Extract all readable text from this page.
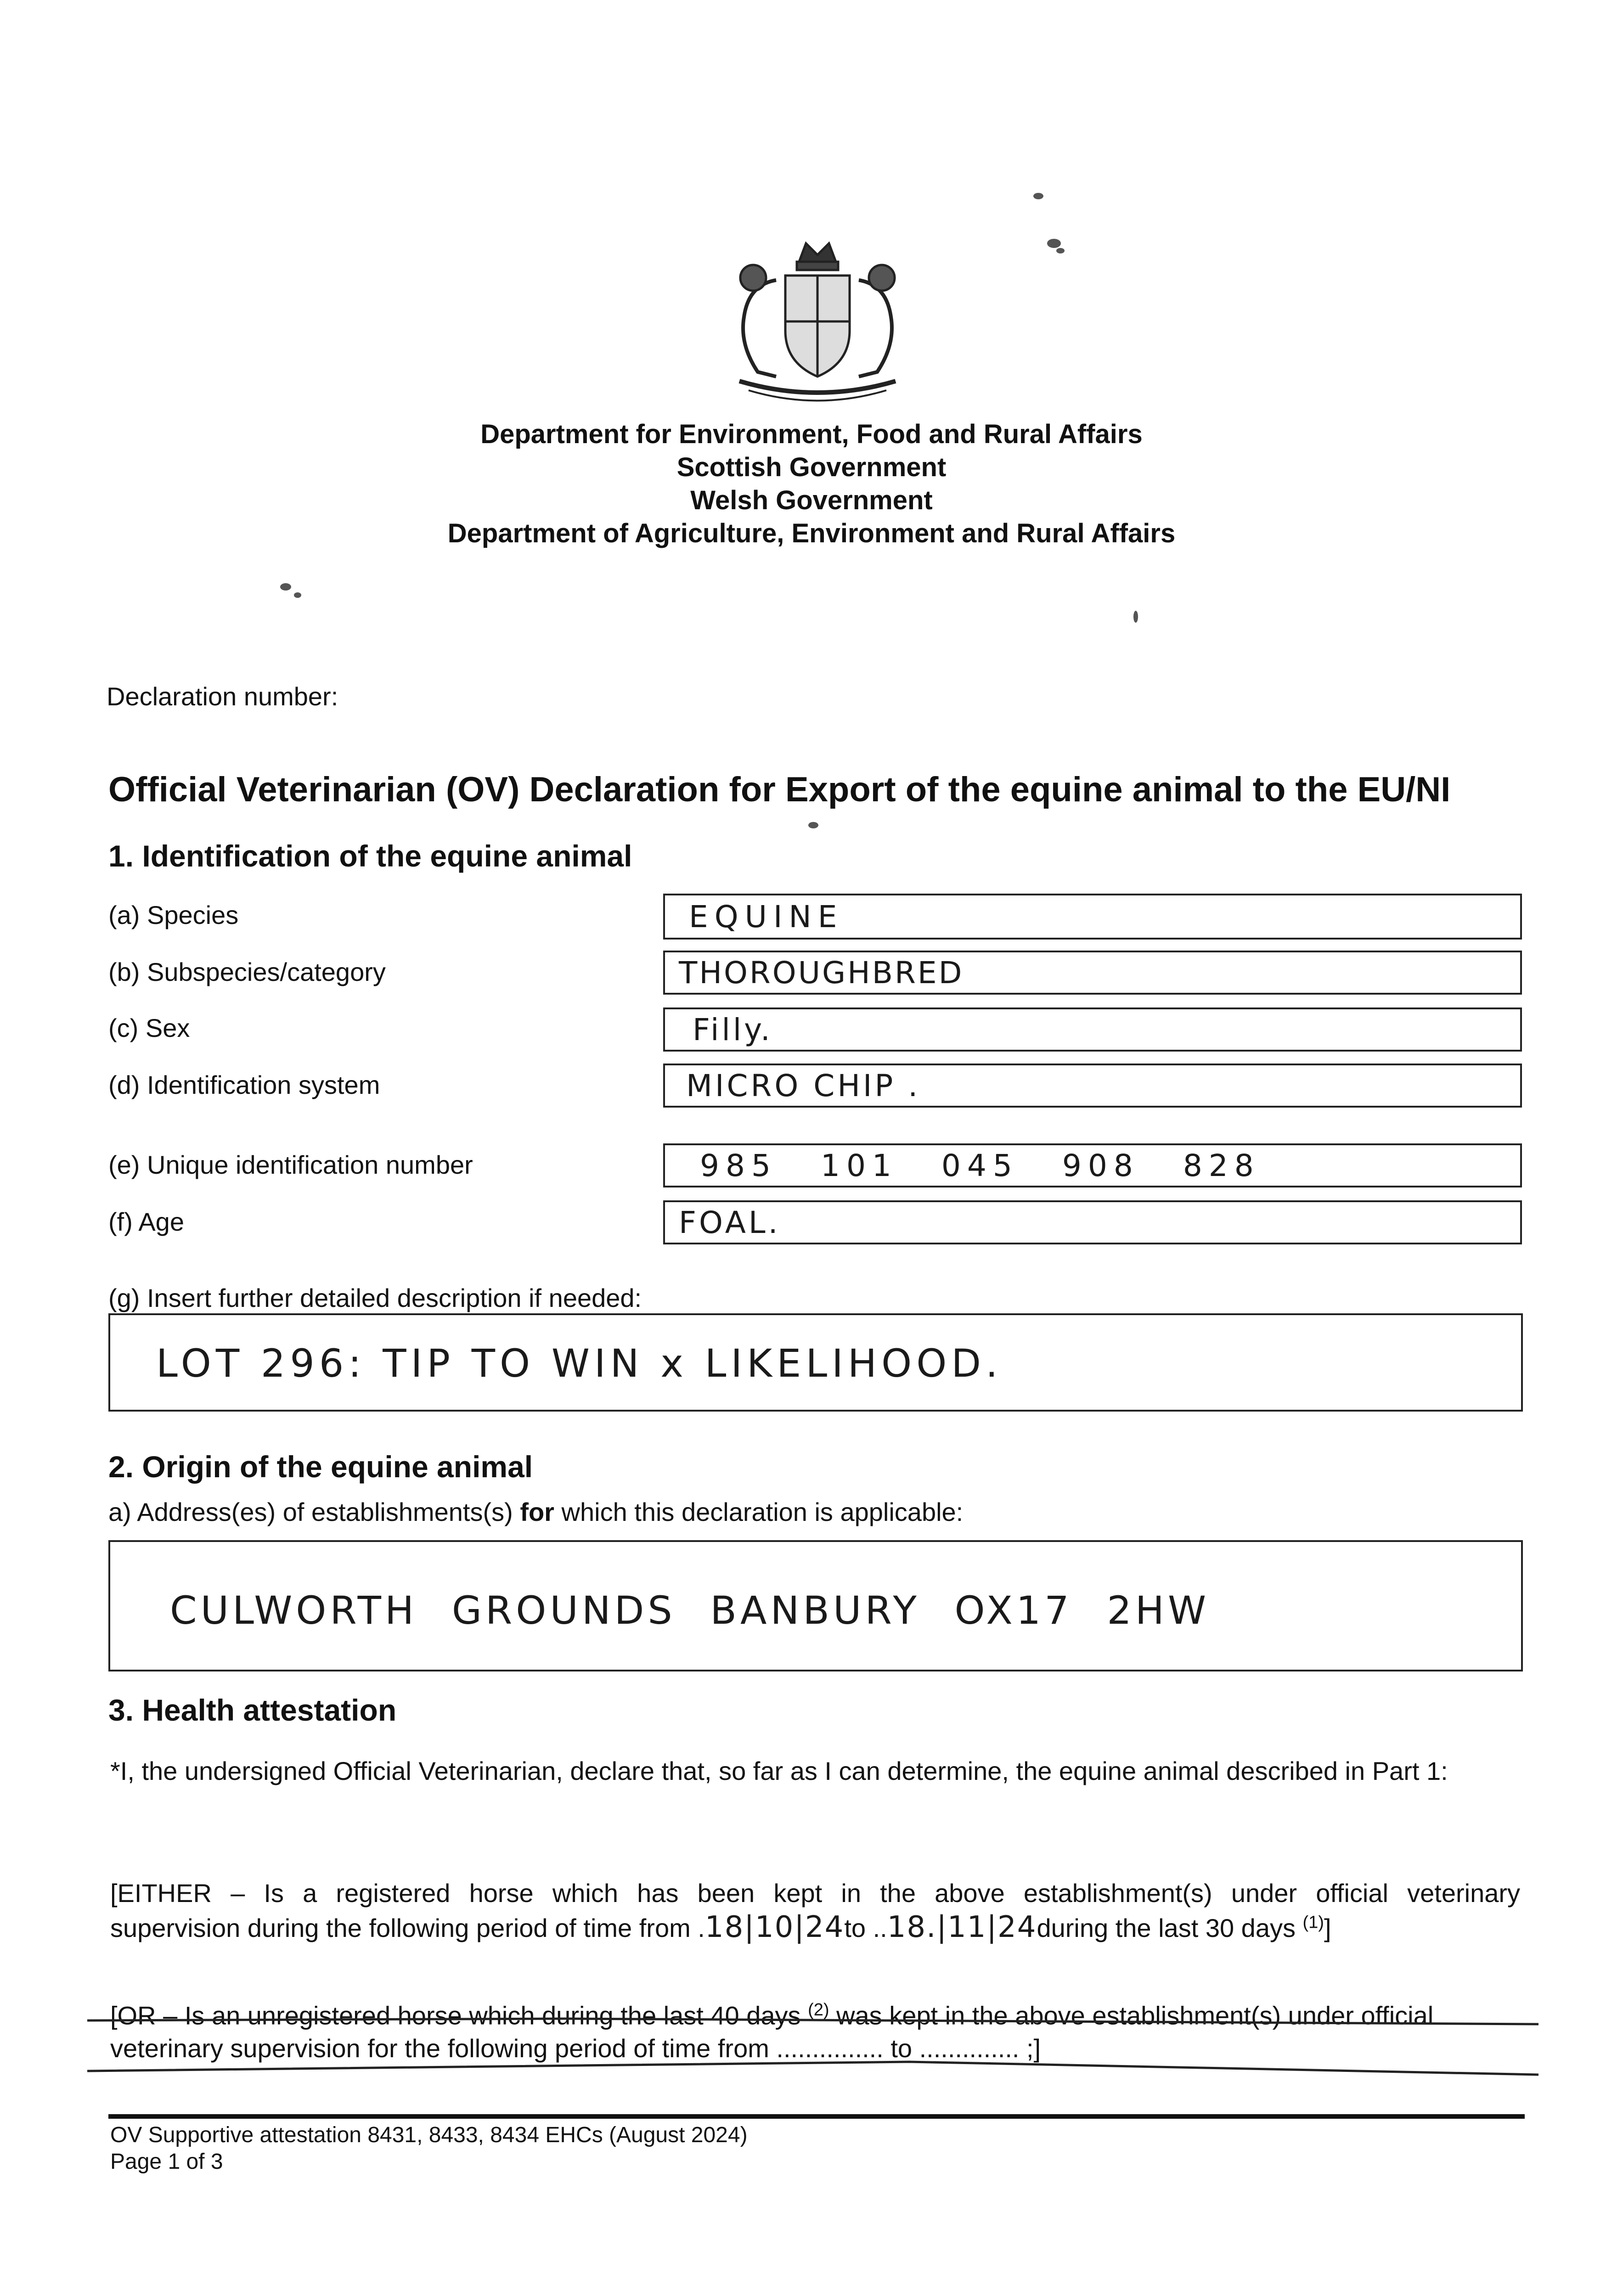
Department for Environment, Food and Rural Affairs
Scottish Government
Welsh Government
Department of Agriculture, Environment and Rural Affairs
Declaration number:
Official Veterinarian (OV) Declaration for Export of the equine animal to the EU/NI
1. Identification of the equine animal
(a) Species	EQUINE
(b) Subspecies/category	THOROUGHBRED
(c) Sex	Filly.
(d) Identification system	MICRO CHIP .
(e) Unique identification number	985 101 045 908 828
(f) Age	FOAL.
(g) Insert further detailed description if needed:
LOT 296: TIP TO WIN x LIKELIHOOD.
2. Origin of the equine animal
a) Address(es) of establishments(s) for which this declaration is applicable:
CULWORTH GROUNDS BANBURY OX17 2HW
3. Health attestation
*I, the undersigned Official Veterinarian, declare that, so far as I can determine, the equine animal described in Part 1:
[EITHER – Is a registered horse which has been kept in the above establishment(s) under official veterinary
supervision during the following period of time from .18|10|24to ..18.|11|24during the last 30 days $^{(1)}$]
[OR – Is an unregistered horse which during the last 40 days $^{(2)}$ was kept in the above establishment(s) under official
veterinary supervision for the following period of time from ............... to .............. ;]
OV Supportive attestation 8431, 8433, 8434 EHCs (August 2024)
Page 1 of 3
